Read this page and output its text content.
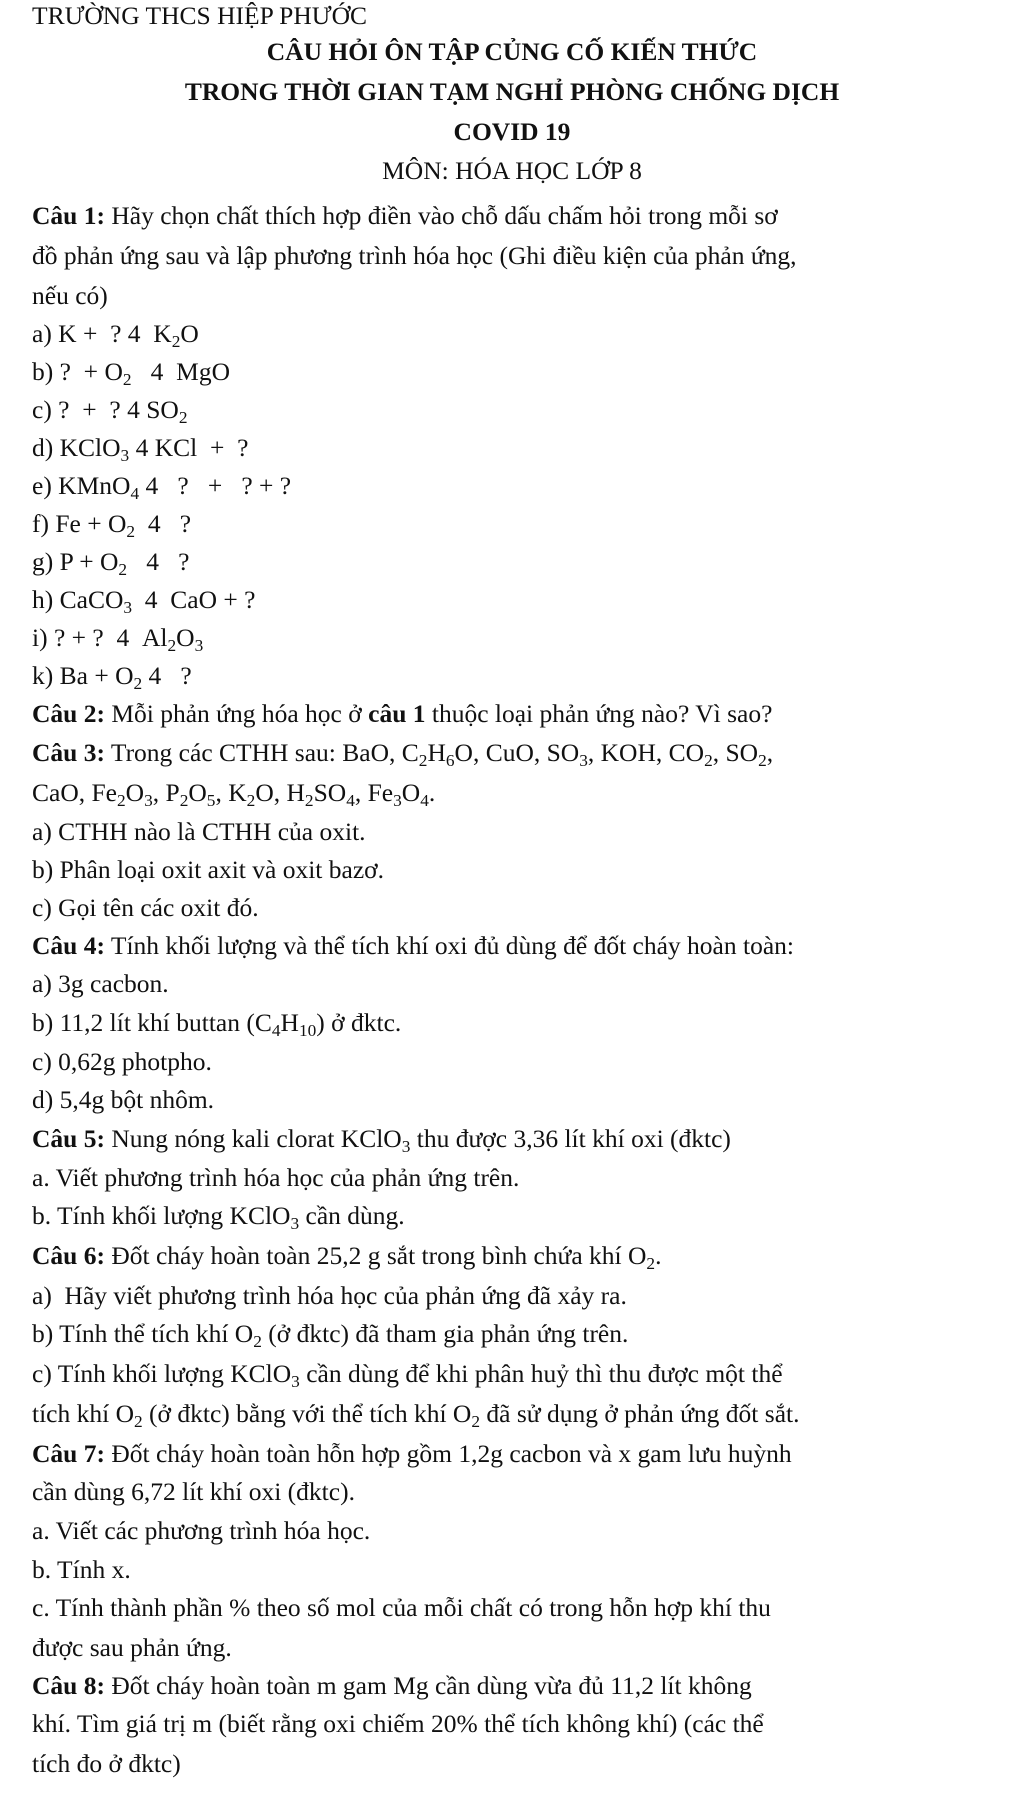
TRƯỜNG THCS HIỆP PHƯỚC
CÂU HỎI ÔN TẬP CỦNG CỐ KIẾN THỨC
TRONG THỜI GIAN TẠM NGHỈ PHÒNG CHỐNG DỊCH
COVID 19
MÔN: HÓA HỌC LỚP 8
Câu 1: Hãy chọn chất thích hợp điền vào chỗ dấu chấm hỏi trong mỗi sơ
đồ phản ứng sau và lập phương trình hóa học (Ghi điều kiện của phản ứng,
nếu có)
a) K +  ? 4  $K_2O$
b) ?  + $O_2$   4  MgO
c) ?  +  ? 4 $SO_2$
d) KClO$_3$ 4 KCl  +  ?
e) KMnO$_4$ 4   ?   +   ? + ?
f) $Fe + O_2$  4   ?
g) $P + O_2$   4   ?
h) CaCO$_3$  4  CaO + ?
i) ? + ?  4  $Al_2O_3$
k) $Ba + O_2$ 4   ?
Câu 2: Mỗi phản ứng hóa học ở câu 1 thuộc loại phản ứng nào? Vì sao?
Câu 3: Trong các CTHH sau: BaO, $C_2H_6O$, CuO, $SO_3$, KOH, $CO_2$, $SO_2$,
CaO, $Fe_2O_3$, $P_2O_5$, $K_2O$, $H_2SO_4$, $Fe_3O_4$.
a) CTHH nào là CTHH của oxit.
b) Phân loại oxit axit và oxit bazơ.
c) Gọi tên các oxit đó.
Câu 4: Tính khối lượng và thể tích khí oxi đủ dùng để đốt cháy hoàn toàn:
a) 3g cacbon.
b) 11,2 lít khí buttan $(C_4H_{10})$ ở đktc.
c) 0,62g photpho.
d) 5,4g bột nhôm.
Câu 5: Nung nóng kali clorat KClO$_3$ thu được 3,36 lít khí oxi (đktc)
a. Viết phương trình hóa học của phản ứng trên.
b. Tính khối lượng KClO$_3$ cần dùng.
Câu 6: Đốt cháy hoàn toàn 25,2 g sắt trong bình chứa khí $O_2$.
a)  Hãy viết phương trình hóa học của phản ứng đã xảy ra.
b) Tính thể tích khí $O_2$ (ở đktc) đã tham gia phản ứng trên.
c) Tính khối lượng KClO$_3$ cần dùng để khi phân huỷ thì thu được một thể
tích khí $O_2$ (ở đktc) bằng với thể tích khí $O_2$ đã sử dụng ở phản ứng đốt sắt.
Câu 7: Đốt cháy hoàn toàn hỗn hợp gồm 1,2g cacbon và x gam lưu huỳnh
cần dùng 6,72 lít khí oxi (đktc).
a. Viết các phương trình hóa học.
b. Tính x.
c. Tính thành phần % theo số mol của mỗi chất có trong hỗn hợp khí thu
được sau phản ứng.
Câu 8: Đốt cháy hoàn toàn m gam Mg cần dùng vừa đủ 11,2 lít không
khí. Tìm giá trị m (biết rằng oxi chiếm 20% thể tích không khí) (các thể
tích đo ở đktc)
